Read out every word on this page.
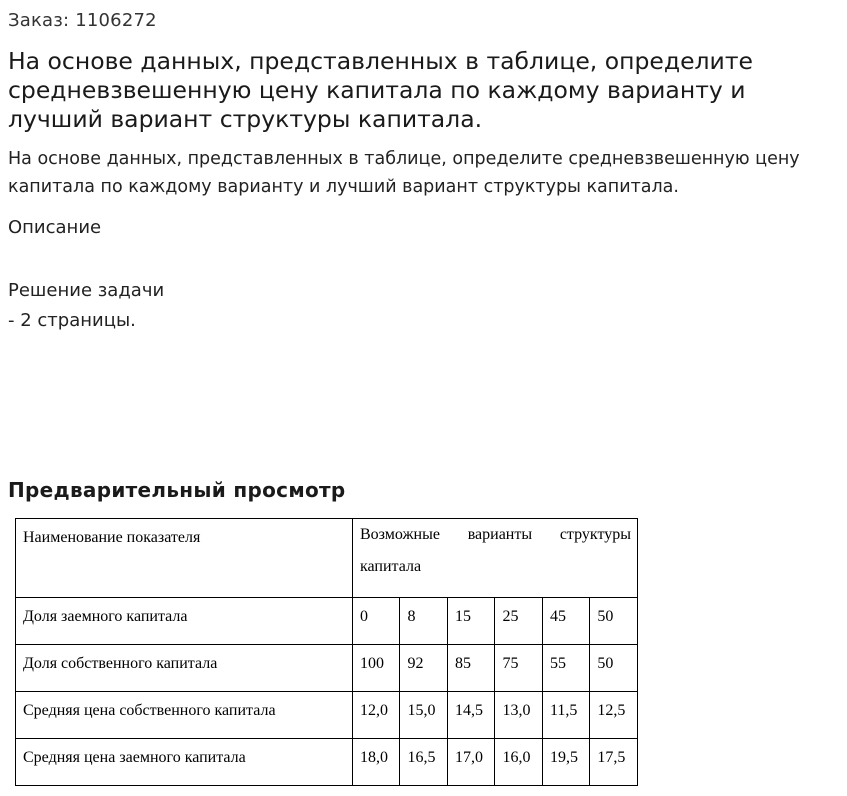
Заказ: 1106272
На основе данных, представленных в таблице, определите средневзвешенную цену капитала по каждому варианту и лучший вариант структуры капитала.

На основе данных, представленных в таблице, определите средневзвешенную цену капитала по каждому варианту и лучший вариант структуры капитала.

Описание
Решение задачи
- 2 страницы.
Предварительный просмотр
Наименование показателя	Возможные варианты структуры капитала					
Доля заемного капитала	0	8	15	25	45	50
Доля собственного капитала	100	92	85	75	55	50
Средняя цена собственного капитала	12,0	15,0	14,5	13,0	11,5	12,5
Средняя цена заемного капитала	18,0	16,5	17,0	16,0	19,5	17,5
